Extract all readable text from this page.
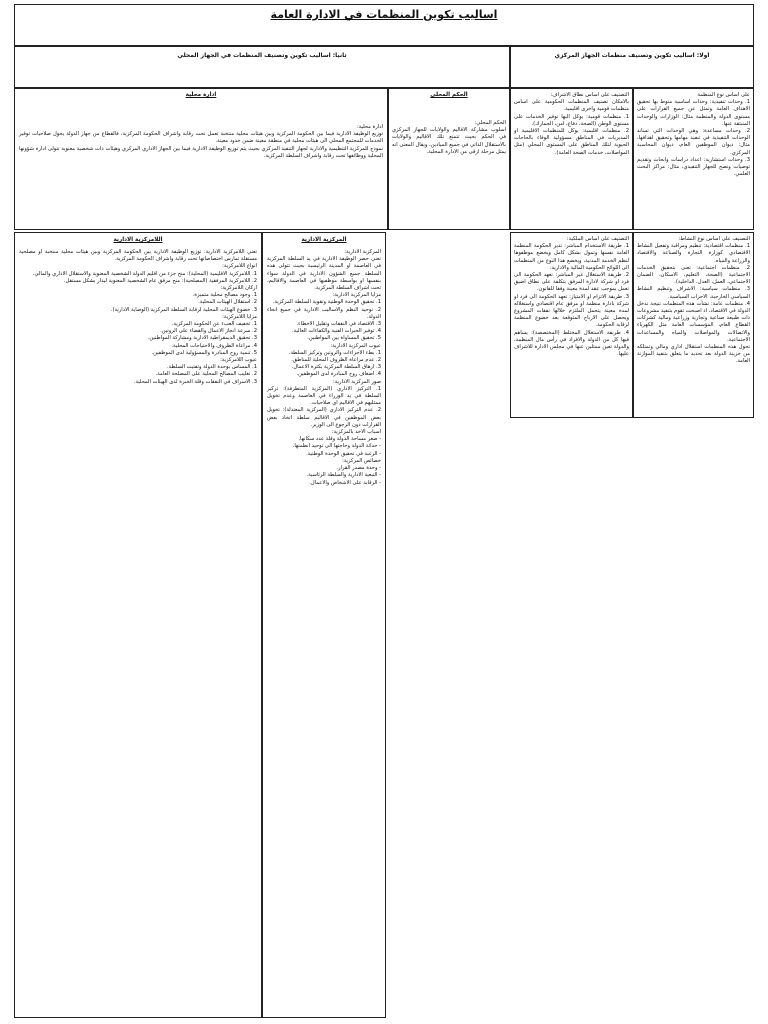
اساليب تكوين المنظمات في الادارة العامة
اولا: اساليب تكوين وتصنيف منظمات الجهاز المركزي
ثانيا: اساليب تكوين وتصنيف المنظمات في الجهاز المحلي

على اساس نوع المنظمة
1. وحدات تنفيذية: وحدات اساسية منوط بها تحقيق الاهداف العامة وتمثل عن جميع القرارات على مستوى الدولة والمنظمة مثال: الوزارات والوحدات المنبثقة عنها.
2. وحدات مساعدة: وهي الوحدات التي تساند الوحدات التنفيذية في تنفيذ مهامها وتحقيق اهدافها، مثال: ديوان الموظفين العام، ديوان المحاسبة المركزي.
3. وحدات استشارية: اعداد دراسات وابحاث وتقديم توصيات ونصح للجهاز التنفيذي، مثال: مراكز البحث العلمي.

التصنيف على اساس نطاق الاشراف:
بالامكان تصنيف المنظمات الحكومية على اساس منظمات قومية واخرى اقليمية.
1. منظمات قومية: يوكل اليها توفير الخدمات على مستوى الوطن (الصحة، دفاع، امن، الجمارك).
2. منظمات اقليمية: يوكل للمنظمات الاقليمية او المديريات في المناطق مسؤولية الوفاء بالحاجات الحيوية لتلك المناطق على المستوى المحلي (مثل المواصلات، خدمات الصحة العامة).

الحكم المحلي
الحكم المحلي:
اسلوب مشاركة الاقاليم والولايات للجهاز المركزي في الحكم بحيث تتمتع تلك الاقاليم والولايات بالاستقلال الذاتي في جميع الميادين، ويقال المعنى انه يمثل مرحلة ارقى من الادارة المحلية.
ادارة محلية
ادارة محلية:
توزيع الوظيفة الادارية فيما بين الحكومة المركزية وبين هيئات محلية منتخبة تعمل تحت رقابة واشراف الحكومة المركزية، فالقطاع من جهاز الدولة يحول صلاحيات توفير الخدمات للمجتمع المحلي الى هيئات محلية في منطقة معينة ضمن حدود معينة.
نموذج للمركزية التنظيمية والادارية لجهاز التنفيذ المركزي بحيث يتم توزيع الوظيفة الادارية فيما بين الجهاز الاداري المركزي وهيئات ذات شخصية معنوية تتولى ادارة شؤونها المحلية ووظائفها تحت رقابة واشراف السلطة المركزية.

التصنيف على اساس نوع النشاط:
1. منظمات اقتصادية: تنظيم ومراقبة وتفعيل النشاط الاقتصادي كوزارة التجارة والصناعة والاقتصاد والزراعة والمياه.
2. منظمات اجتماعية: تعنى بتحقيق الخدمات الاجتماعية (الصحة، التعليم، الاسكان، الضمان الاجتماعي، العمل، العدل، الداخلية).
3. منظمات سياسية: الاشراف وتنظيم النشاط السياسي الخارجية، الاحزاب السياسية.
4. منظمات عامة: نشأت هذه المنظمات نتيجة تدخل الدولة في الاقتصاد، اذ اصبحت تقوم بتنفيذ مشروعات ذات طبيعة صناعية وتجارية وزراعية ومالية كشركات القطاع العام، المؤسسات العامة مثل الكهرباء والاتصالات والمواصلات والمياه والمساعدات الاجتماعية.
تحول هذه المنظمات استقلال اداري ومالي وتمتلكه من خزينة الدولة بعد تحديد ما يتعلق بتنفيذ الموازنة العامة.

التصنيف على اساس الملكية:
1. طريقة الاستخدام المباشر: تدير الحكومة المنظمة العامة نفسها وتمول بشكل كامل ويخضع موظفوها لنظم الخدمة المدنية، ويخضع هذا النوع من المنظمات الى اللوائح الحكومية المالية والادارية.
2. طريقة الاستغلال غير المباشر: تعهد الحكومة الى فرد او شركة لادارة المرفق بتكلفة على نطاق اضيق تعمل بموجب عقد لمدة معينة وفقا للقانون.
3. طريقة الاتزام او الامتياز: تعهد الحكومة الى فرد او شركة بادارة منظمة او مرفق عام اقتصادي واستغلاله لمدة معينة يتحمل الملتزم خلالها نفقات المشروع ويحصل على الارباح المتوقعة بعد خضوع المنظمة لرقابة الحكومة.
4. طريقة الاستغلال المختلط (المختصصة): يساهم فيها كل من الدولة والافراد في رأس مال المنظمة، والدولة تعين ممثلين عنها في مجلس الادارة للاشراف عليها.

المركزية الادارية
المركزية الادارية:
تعني حصر الوظيفة الادارية في يد السلطة المركزية في العاصمة او المدينة الرئيسية بحيث تتولى هذه السلطة جميع الشؤون الادارية في الدولة سواء بنفسها او بواسطة موظفيها في العاصمة والاقاليم، تحت اشراف السلطة المركزية.
مزايا المركزية الادارية:
1. تحقيق الوحدة الوطنية وتقوية السلطة المركزية.
2. توحيد النظم والاساليب الادارية في جميع انحاء الدولة.
3. الاقتصاد في النفقات وتقليل الاخطاء.
4. توفير الخبرات الفنية والكفاءات العالية.
5. تحقيق المساواة بين المواطنين.
عيوب المركزية الادارية:
1. بطء الاجراءات والروتين وتركيز السلطة.
2. عدم مراعاة الظروف المحلية للمناطق.
3. ارهاق السلطة المركزية بكثرة الاعمال.
4. اضعاف روح المبادرة لدى الموظفين.
صور المركزية الادارية:
1. التركيز الاداري (المركزية المتطرفة): تركيز السلطة في يد الوزراء في العاصمة وعدم تخويل ممثليهم في الاقاليم اي صلاحيات.
2. عدم التركيز الاداري (المركزية المعتدلة): تخويل بعض الموظفين في الاقاليم سلطة اتخاذ بعض القرارات دون الرجوع الى الوزير.
اسباب الاخذ بالمركزية:
- صغر مساحة الدولة وقلة عدد سكانها.
- حداثة الدولة وحاجتها الى توحيد انظمتها.
- الرغبة في تحقيق الوحدة الوطنية.
خصائص المركزية:
- وحدة مصدر القرار.
- التبعية الادارية والسلطة الرئاسية.
- الرقابة على الاشخاص والاعمال.
اللامركزية الادارية
تعني اللامركزية الادارية: توزيع الوظيفة الادارية بين الحكومة المركزية وبين هيئات محلية منتخبة او مصلحية مستقلة تمارس اختصاصاتها تحت رقابة واشراف الحكومة المركزية.
انواع اللامركزية:
1. اللامركزية الاقليمية (المحلية): منح جزء من اقليم الدولة الشخصية المعنوية والاستقلال الاداري والمالي.
2. اللامركزية المرفقية (المصلحية): منح مرفق عام الشخصية المعنوية ليدار بشكل مستقل.
اركان اللامركزية:
1. وجود مصالح محلية متميزة.
2. استقلال الهيئات المحلية.
3. خضوع الهيئات المحلية لرقابة السلطة المركزية (الوصاية الادارية).
مزايا اللامركزية:
1. تخفيف العبء عن الحكومة المركزية.
2. سرعة انجاز الاعمال والقضاء على الروتين.
3. تحقيق الديمقراطية الادارية ومشاركة المواطنين.
4. مراعاة الظروف والاحتياجات المحلية.
5. تنمية روح المبادرة والمسؤولية لدى الموظفين.
عيوب اللامركزية:
1. المساس بوحدة الدولة وتفتيت السلطة.
2. تغليب المصالح المحلية على المصلحة العامة.
3. الاسراف في النفقات وقلة الخبرة لدى الهيئات المحلية.
